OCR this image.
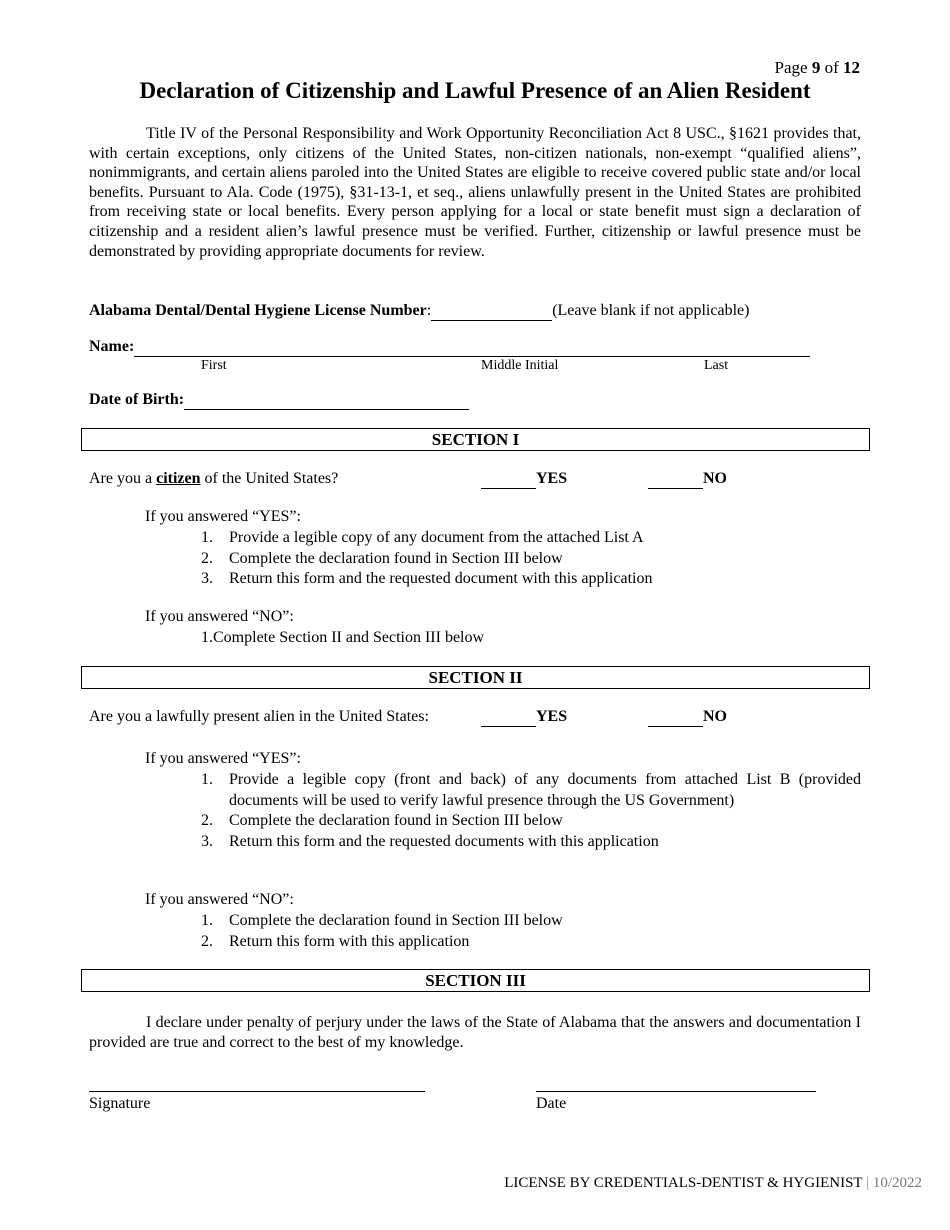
Page 9 of 12
Declaration of Citizenship and Lawful Presence of an Alien Resident
Title IV of the Personal Responsibility and Work Opportunity Reconciliation Act 8 USC., §1621 provides that, with certain exceptions, only citizens of the United States, non-citizen nationals, non-exempt “qualified aliens”, nonimmigrants, and certain aliens paroled into the United States are eligible to receive covered public state and/or local benefits. Pursuant to Ala. Code (1975), §31-13-1, et seq., aliens unlawfully present in the United States are prohibited from receiving state or local benefits. Every person applying for a local or state benefit must sign a declaration of citizenship and a resident alien’s lawful presence must be verified. Further, citizenship or lawful presence must be demonstrated by providing appropriate documents for review.
Alabama Dental/Dental Hygiene License Number:	(Leave blank if not applicable)
Name:
First	Middle Initial	Last
Date of Birth:
SECTION I
Are you a citizen of the United States?	YES	NO
If you answered “YES”:
1. Provide a legible copy of any document from the attached List A
2. Complete the declaration found in Section III below
3. Return this form and the requested document with this application
If you answered “NO”:
1.Complete Section II and Section III below
SECTION II
Are you a lawfully present alien in the United States:	YES	NO
If you answered “YES”:
1. Provide a legible copy (front and back) of any documents from attached List B (provided documents will be used to verify lawful presence through the US Government)
2. Complete the declaration found in Section III below
3. Return this form and the requested documents with this application
If you answered “NO”:
1. Complete the declaration found in Section III below
2. Return this form with this application
SECTION III
I declare under penalty of perjury under the laws of the State of Alabama that the answers and documentation I provided are true and correct to the best of my knowledge.
Signature	Date
LICENSE BY CREDENTIALS-DENTIST & HYGIENIST | 10/2022
